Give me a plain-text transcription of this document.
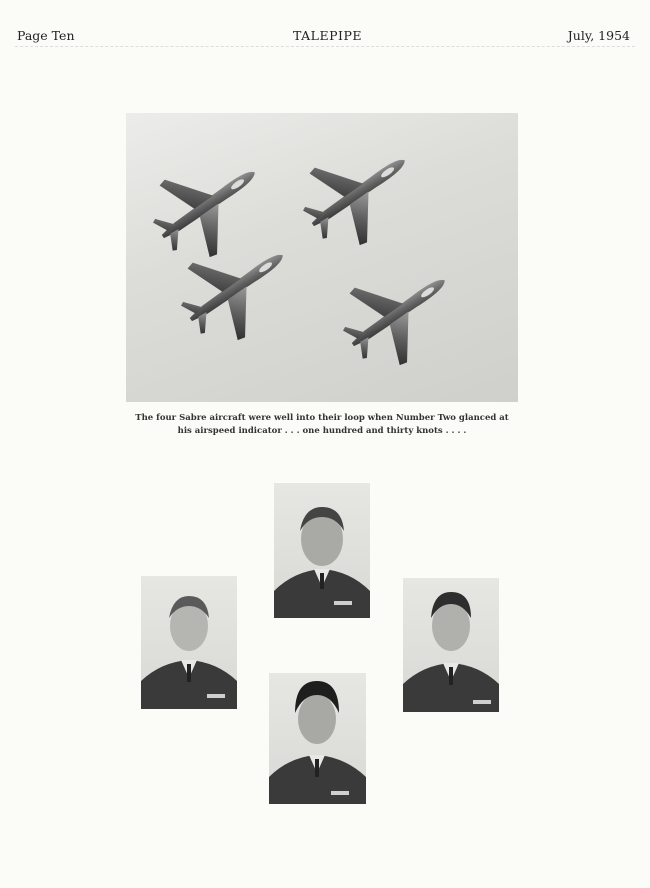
Page Ten	TALEPIPE	July, 1954
The four Sabre aircraft were well into their loop when Number Two glanced at
his airspeed indicator . . . one hundred and thirty knots . . . .
